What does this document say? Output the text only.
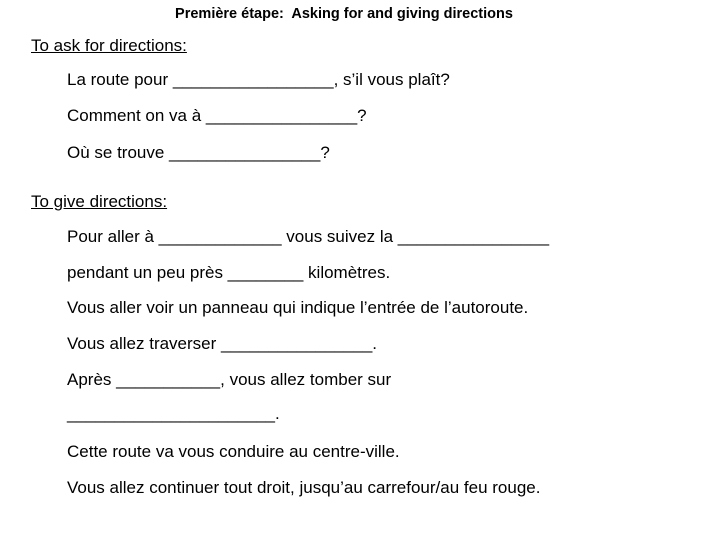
Première étape:  Asking for and giving directions
To ask for directions:
La route pour _________________, s’il vous plaît?
Comment on va à ________________?
Où se trouve ________________?
To give directions:
Pour aller à _____________ vous suivez la ________________
pendant un peu près ________ kilomètres.
Vous aller voir un panneau qui indique l’entrée de l’autoroute.
Vous allez traverser ________________.
Après ___________, vous allez tomber sur
______________________.
Cette route va vous conduire au centre-ville.
Vous allez continuer tout droit, jusqu’au carrefour/au feu rouge.
